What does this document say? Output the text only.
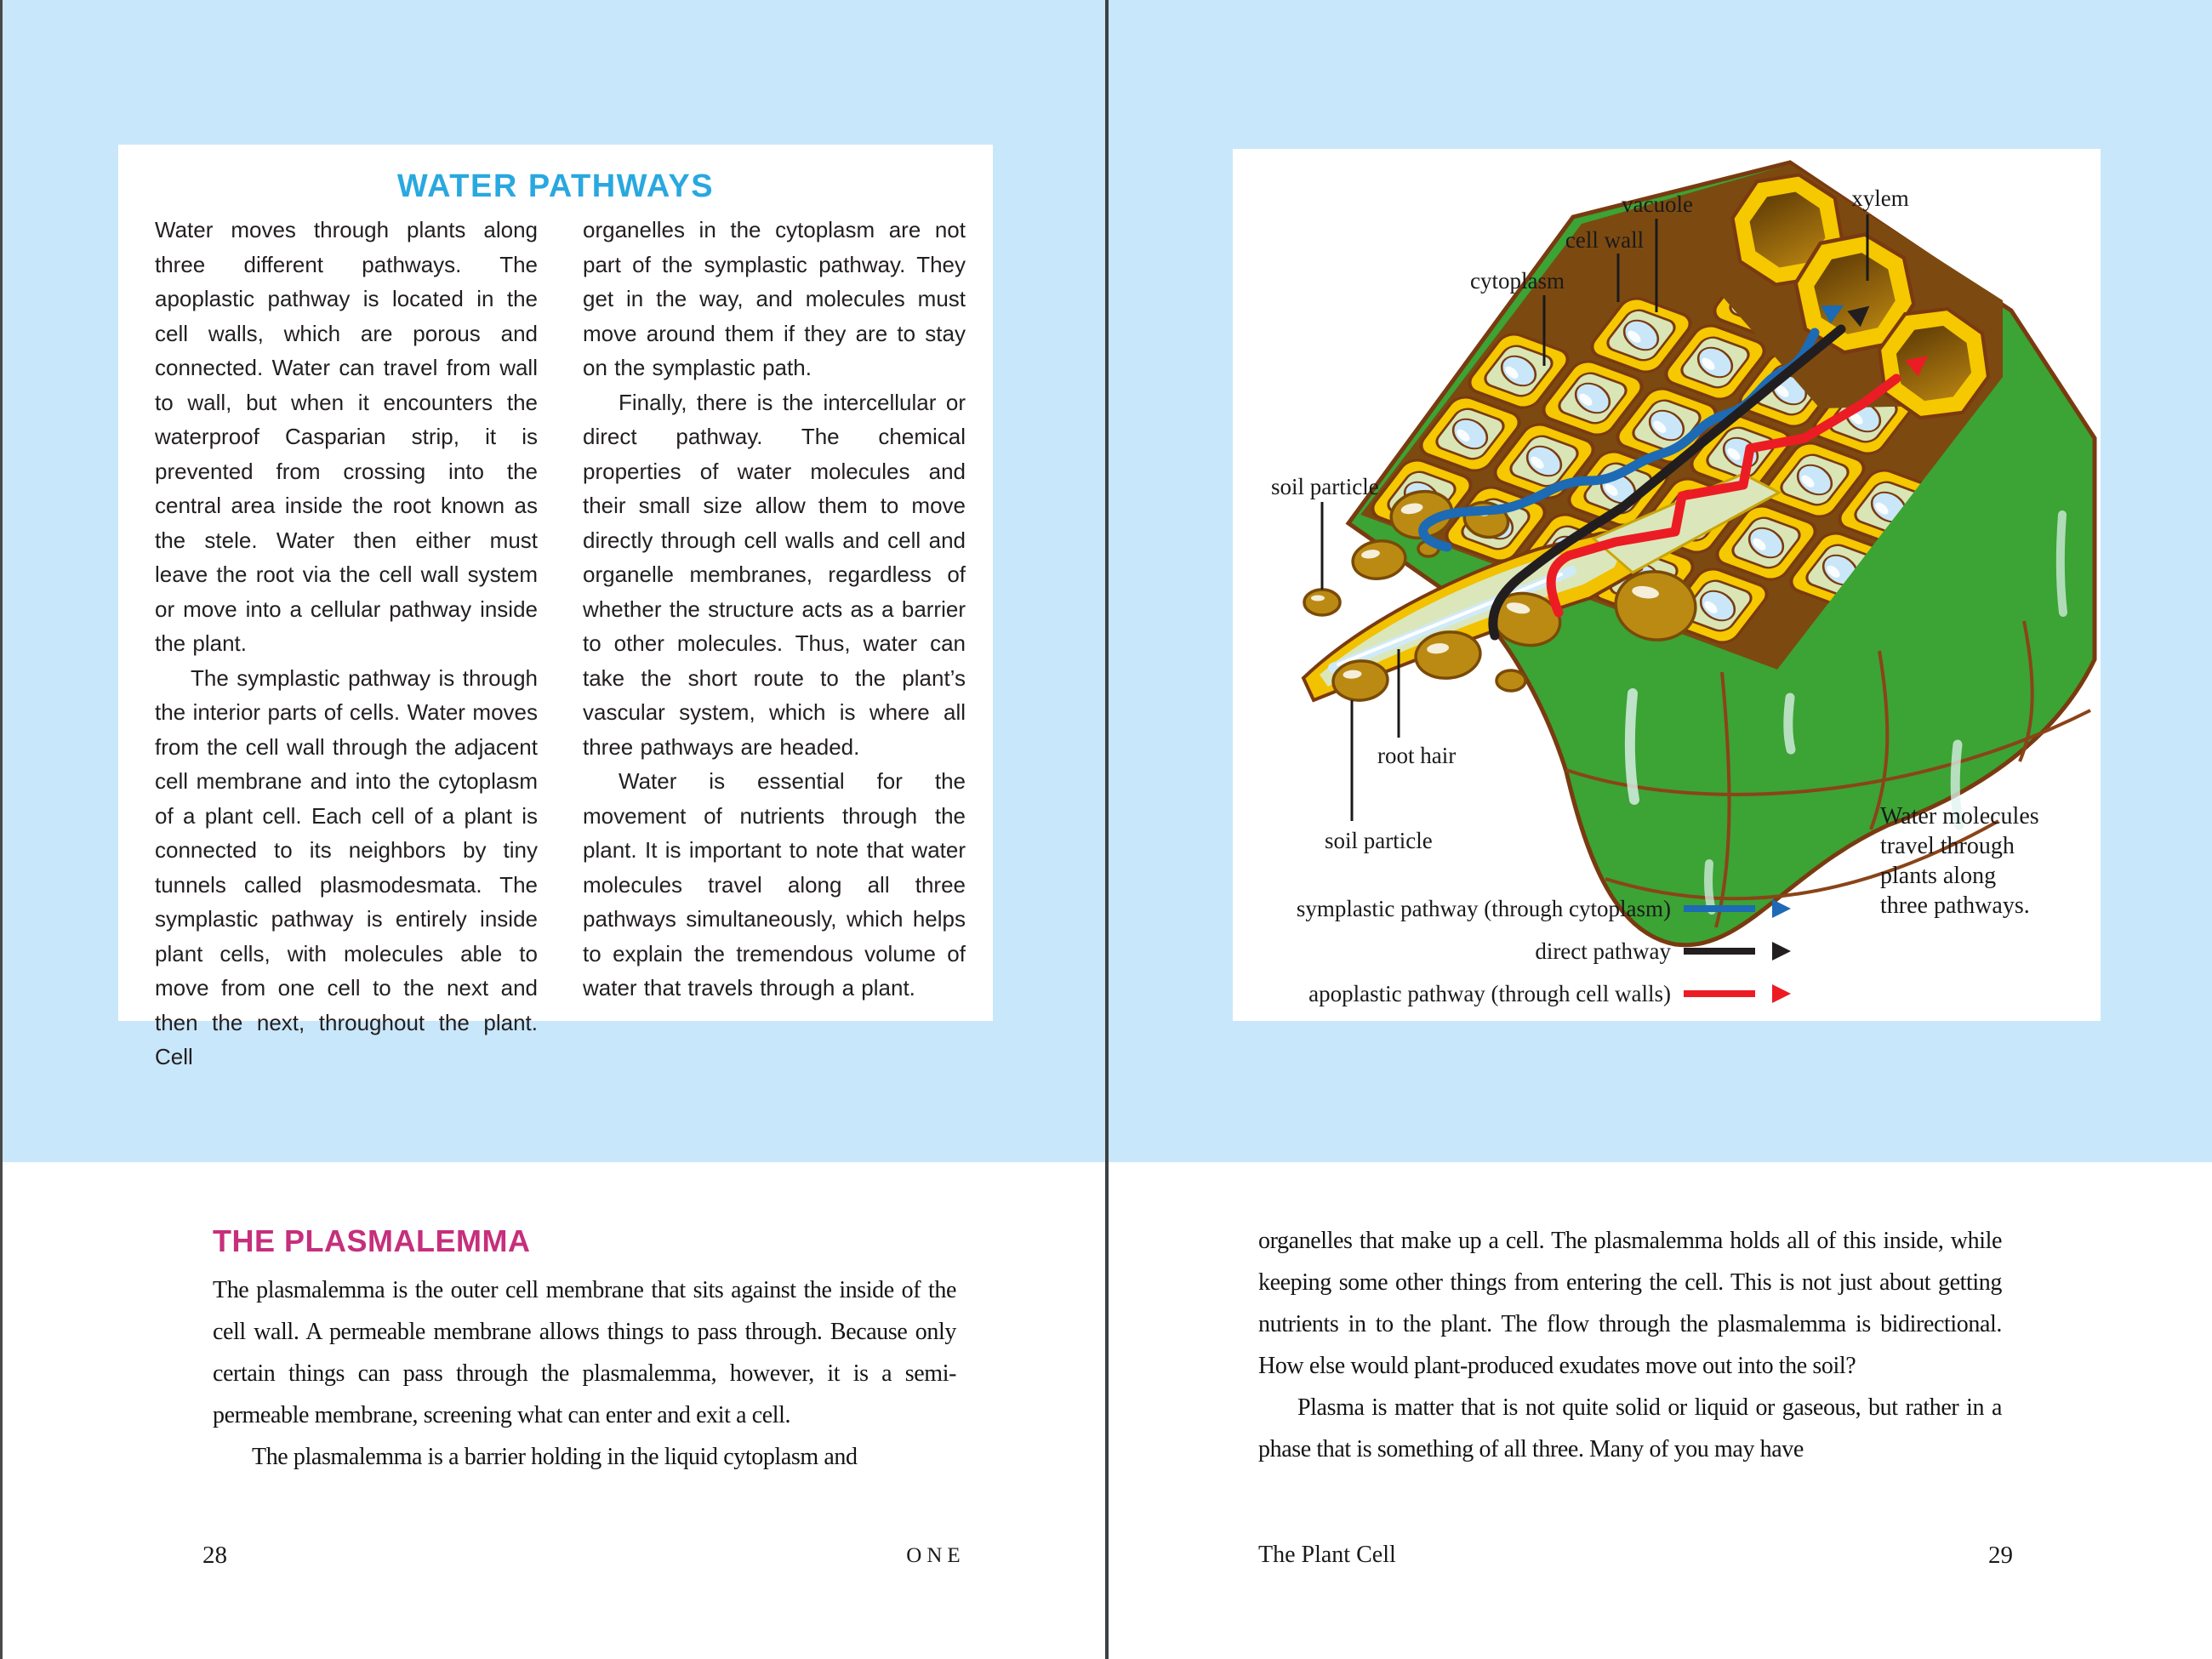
WATER PATHWAYS

Water moves through plants along three different pathways. The apoplastic pathway is located in the cell walls, which are porous and connected. Water can travel from wall to wall, but when it encounters the waterproof Casparian strip, it is prevented from crossing into the central area inside the root known as the stele. Water then either must leave the root via the cell wall system or move into a cellular pathway inside the plant.

The symplastic pathway is through the interior parts of cells. Water moves from the cell wall through the adjacent cell membrane and into the cytoplasm of a plant cell. Each cell of a plant is connected to its neighbors by tiny tunnels called plasmodesmata. The symplastic pathway is entirely inside plant cells, with molecules able to move from one cell to the next and then the next, throughout the plant. Cell

organelles in the cytoplasm are not part of the symplastic pathway. They get in the way, and molecules must move around them if they are to stay on the symplastic path.

Finally, there is the intercellular or direct pathway. The chemical properties of water molecules and their small size allow them to move directly through cell walls and cell and organelle membranes, regardless of whether the structure acts as a barrier to other molecules. Thus, water can take the short route to the plant’s vascular system, which is where all three pathways are headed.

Water is essential for the movement of nutrients through the plant. It is important to note that water molecules travel along all three pathways simultaneously, which helps to explain the tremendous volume of water that travels through a plant.

THE PLASMALEMMA

The plasmalemma is the outer cell membrane that sits against the inside of the cell wall. A permeable membrane allows things to pass through. Because only certain things can pass through the plasmalemma, however, it is a semi-permeable membrane, screening what can enter and exit a cell.

The plasmalemma is a barrier holding in the liquid cytoplasm and

28	ONE
cytoplasm
cell wall
vacuole	xylem
soil particle
root hair
soil particle
symplastic pathway (through cytoplasm)
direct pathway
apoplastic pathway (through cell walls)
Water molecules
travel through
plants along
three pathways.

organelles that make up a cell. The plasmalemma holds all of this inside, while keeping some other things from entering the cell. This is not just about getting nutrients in to the plant. The flow through the plasmalemma is bidirectional. How else would plant-produced exudates move out into the soil?

Plasma is matter that is not quite solid or liquid or gaseous, but rather in a phase that is something of all three. Many of you may have

The Plant Cell	29
